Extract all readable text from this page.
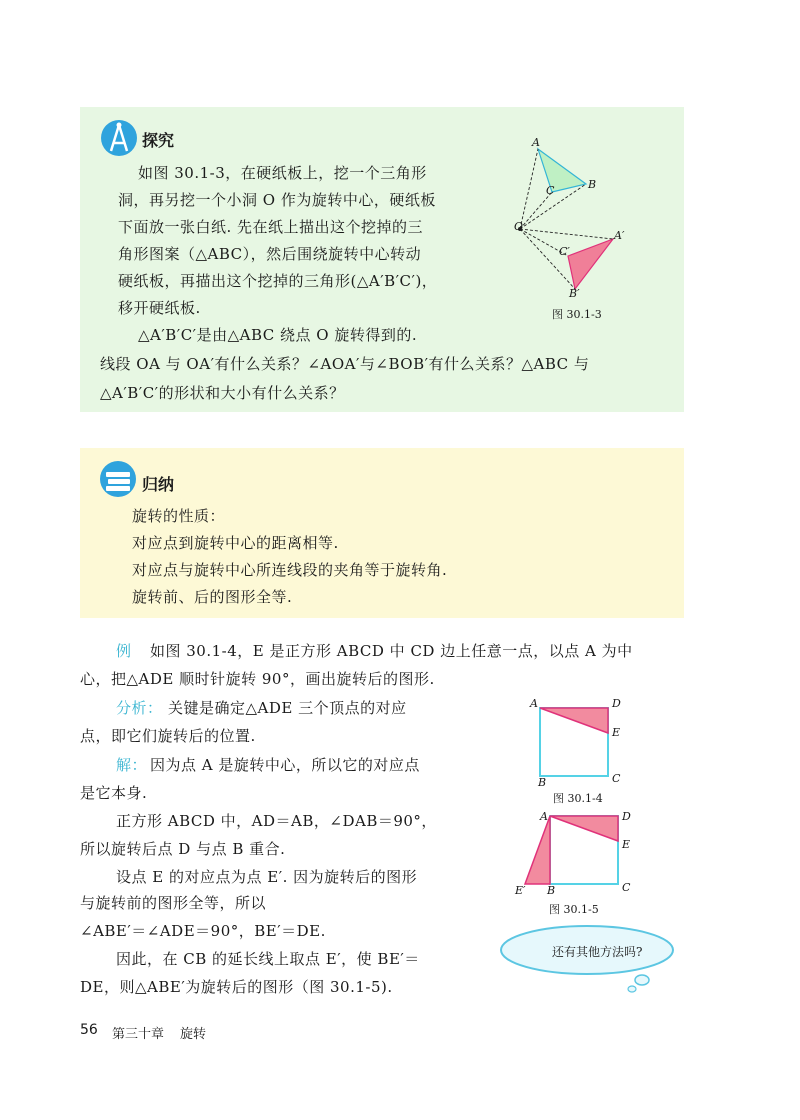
探究
如图 30.1-3，在硬纸板上，挖一个三角形
洞，再另挖一个小洞 O 作为旋转中心，硬纸板
下面放一张白纸. 先在纸上描出这个挖掉的三
角形图案（△ABC），然后围绕旋转中心转动
硬纸板，再描出这个挖掉的三角形(△A′B′C′)，
移开硬纸板.
△A′B′C′是由△ABC 绕点 O 旋转得到的.
线段 OA 与 OA′有什么关系？∠AOA′与∠BOB′有什么关系？△ABC 与
△A′B′C′的形状和大小有什么关系？
A
B
C
O
A′
B′
C′
图 30.1-3
归纳
旋转的性质：
对应点到旋转中心的距离相等.
对应点与旋转中心所连线段的夹角等于旋转角.
旋转前、后的图形全等.
例 如图 30.1-4，E 是正方形 ABCD 中 CD 边上任意一点，以点 A 为中
心，把△ADE 顺时针旋转 90°，画出旋转后的图形.
分析： 关键是确定△ADE 三个顶点的对应
点，即它们旋转后的位置.
解： 因为点 A 是旋转中心，所以它的对应点
是它本身.
正方形 ABCD 中，AD＝AB，∠DAB＝90°，
所以旋转后点 D 与点 B 重合.
设点 E 的对应点为点 E′. 因为旋转后的图形
与旋转前的图形全等，所以
∠ABE′＝∠ADE＝90°，BE′＝DE.
因此，在 CB 的延长线上取点 E′，使 BE′＝
DE，则△ABE′为旋转后的图形（图 30.1-5).
A	D
E
B	C
图 30.1-4
A	D
E
E′ B	C
图 30.1-5
还有其他方法吗?
56 第三十章 旋转
